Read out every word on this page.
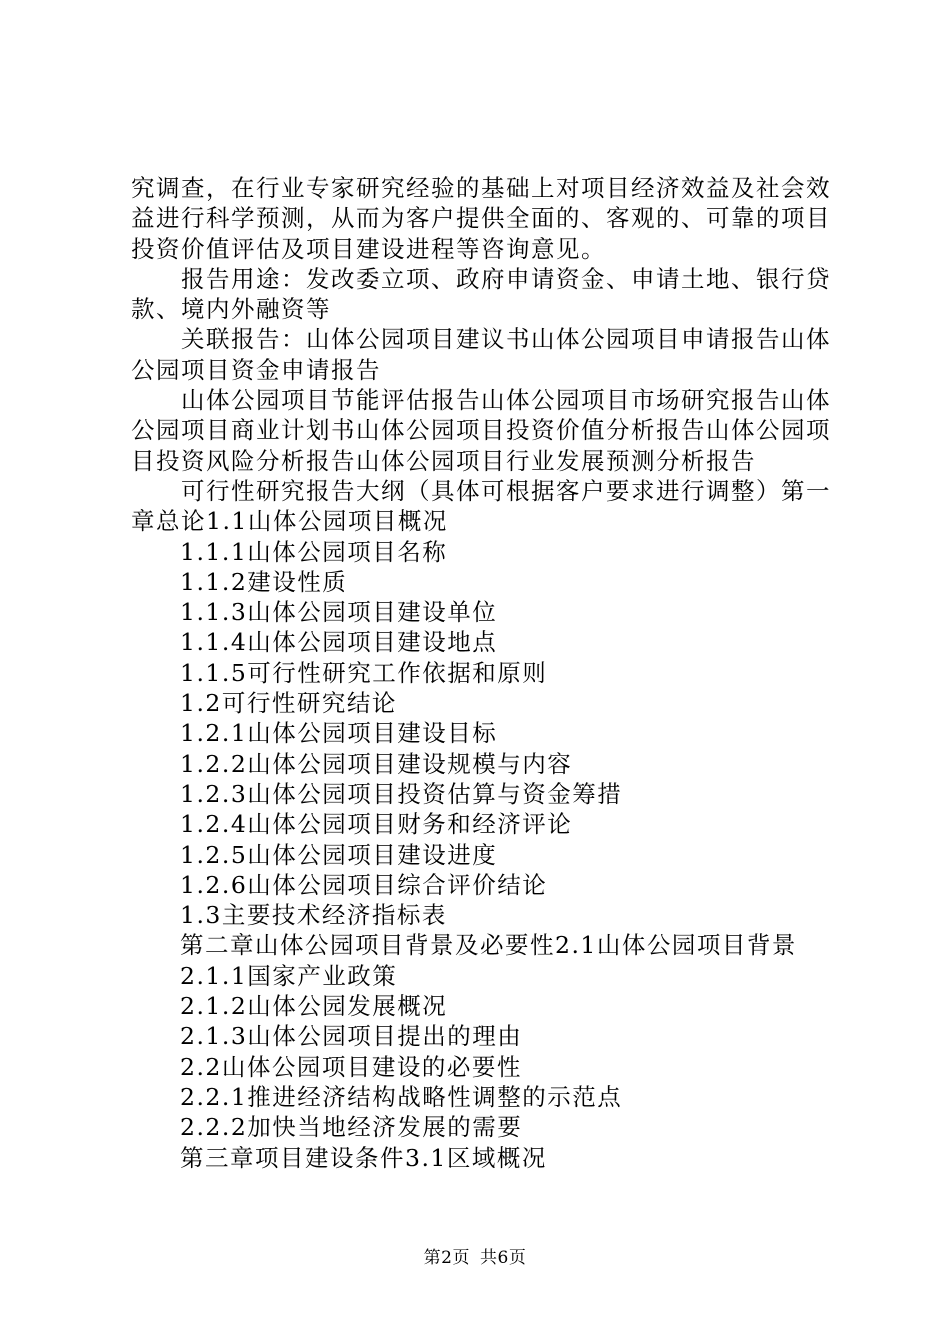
究调查，在行业专家研究经验的基础上对项目经济效益及社会效益进行科学预测，从而为客户提供全面的、客观的、可靠的项目投资价值评估及项目建设进程等咨询意见。

报告用途：发改委立项、政府申请资金、申请土地、银行贷款、境内外融资等

关联报告：山体公园项目建议书山体公园项目申请报告山体公园项目资金申请报告

山体公园项目节能评估报告山体公园项目市场研究报告山体公园项目商业计划书山体公园项目投资价值分析报告山体公园项目投资风险分析报告山体公园项目行业发展预测分析报告

可行性研究报告大纲（具体可根据客户要求进行调整）第一章总论1.1山体公园项目概况

1.1.1山体公园项目名称
1.1.2建设性质
1.1.3山体公园项目建设单位
1.1.4山体公园项目建设地点
1.1.5可行性研究工作依据和原则
1.2可行性研究结论
1.2.1山体公园项目建设目标
1.2.2山体公园项目建设规模与内容
1.2.3山体公园项目投资估算与资金筹措
1.2.4山体公园项目财务和经济评论
1.2.5山体公园项目建设进度
1.2.6山体公园项目综合评价结论
1.3主要技术经济指标表
第二章山体公园项目背景及必要性2.1山体公园项目背景
2.1.1国家产业政策
2.1.2山体公园发展概况
2.1.3山体公园项目提出的理由
2.2山体公园项目建设的必要性
2.2.1推进经济结构战略性调整的示范点
2.2.2加快当地经济发展的需要
第三章项目建设条件3.1区域概况
第2页 共6页
